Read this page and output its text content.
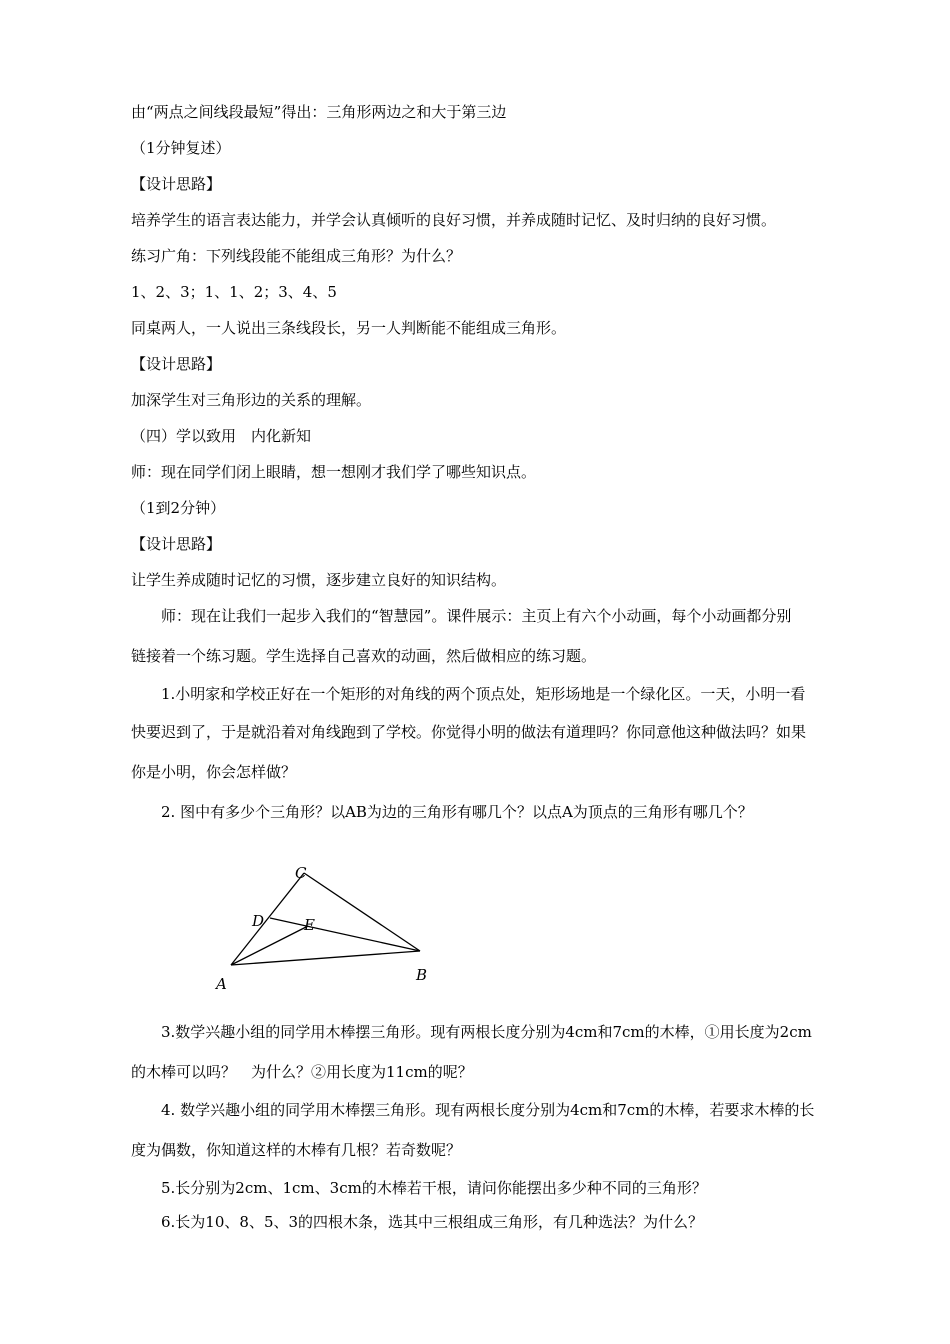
由“两点之间线段最短”得出：三角形两边之和大于第三边
（1分钟复述）
【设计思路】
培养学生的语言表达能力，并学会认真倾听的良好习惯，并养成随时记忆、及时归纳的良好习惯。
练习广角：下列线段能不能组成三角形？为什么？
1、2、3；1、1、2；3、4、5
同桌两人，一人说出三条线段长，另一人判断能不能组成三角形。
【设计思路】
加深学生对三角形边的关系的理解。
（四）学以致用　内化新知
师：现在同学们闭上眼睛，想一想刚才我们学了哪些知识点。
（1到2分钟）
【设计思路】
让学生养成随时记忆的习惯，逐步建立良好的知识结构。
　　师：现在让我们一起步入我们的“智慧园”。课件展示：主页上有六个小动画，每个小动画都分别
链接着一个练习题。学生选择自己喜欢的动画，然后做相应的练习题。
　　1.小明家和学校正好在一个矩形的对角线的两个顶点处，矩形场地是一个绿化区。一天，小明一看
快要迟到了，于是就沿着对角线跑到了学校。你觉得小明的做法有道理吗？你同意他这种做法吗？如果
你是小明，你会怎样做？
　　2. 图中有多少个三角形？以AB为边的三角形有哪几个？以点A为顶点的三角形有哪几个？
A	B
C
D	E
　　3.数学兴趣小组的同学用木棒摆三角形。现有两根长度分别为4cm和7cm的木棒，①用长度为2cm
的木棒可以吗？　为什么？②用长度为11cm的呢？
　　4. 数学兴趣小组的同学用木棒摆三角形。现有两根长度分别为4cm和7cm的木棒，若要求木棒的长
度为偶数，你知道这样的木棒有几根？若奇数呢？
　　5.长分别为2cm、1cm、3cm的木棒若干根，请问你能摆出多少种不同的三角形？
　　6.长为10、8、5、3的四根木条，选其中三根组成三角形，有几种选法？为什么？
